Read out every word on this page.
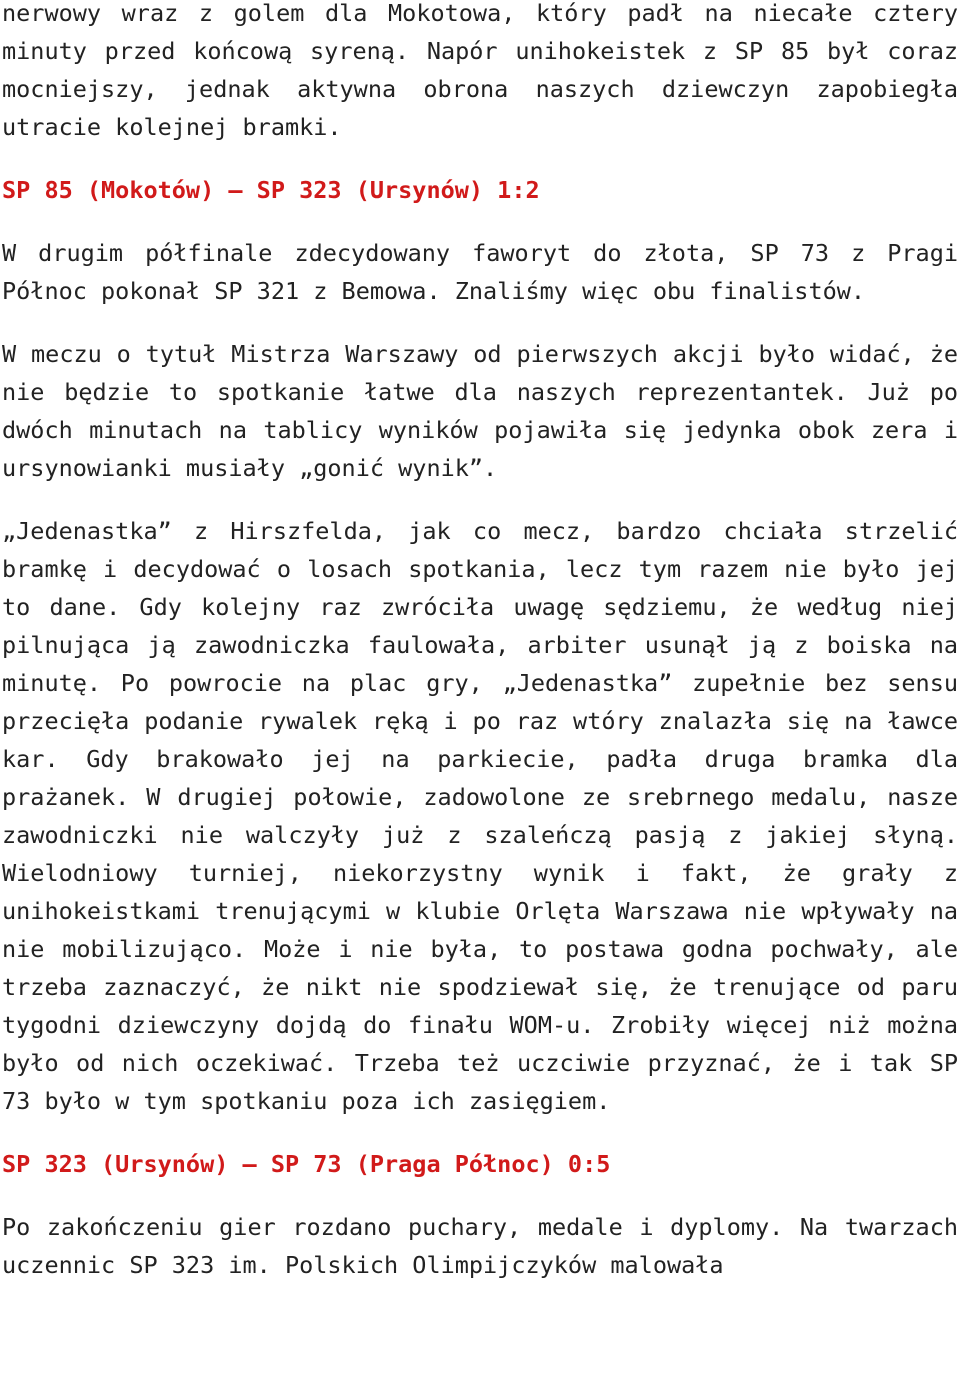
nerwowy wraz z golem dla Mokotowa, który padł na niecałe cztery minuty przed końcową syreną. Napór unihokeistek z SP 85 był coraz mocniejszy, jednak aktywna obrona naszych dziewczyn zapobiegła utracie kolejnej bramki.

SP 85 (Mokotów) – SP 323 (Ursynów) 1:2

W drugim półfinale zdecydowany faworyt do złota, SP 73 z Pragi Północ pokonał SP 321 z Bemowa. Znaliśmy więc obu finalistów.

W meczu o tytuł Mistrza Warszawy od pierwszych akcji było widać, że nie będzie to spotkanie łatwe dla naszych reprezentantek. Już po dwóch minutach na tablicy wyników pojawiła się jedynka obok zera i ursynowianki musiały „gonić wynik”.

„Jedenastka” z Hirszfelda, jak co mecz, bardzo chciała strzelić bramkę i decydować o losach spotkania, lecz tym razem nie było jej to dane. Gdy kolejny raz zwróciła uwagę sędziemu, że według niej pilnująca ją zawodniczka faulowała, arbiter usunął ją z boiska na minutę. Po powrocie na plac gry, „Jedenastka” zupełnie bez sensu przecięła podanie rywalek ręką i po raz wtóry znalazła się na ławce kar. Gdy brakowało jej na parkiecie, padła druga bramka dla prażanek. W drugiej połowie, zadowolone ze srebrnego medalu, nasze zawodniczki nie walczyły już z szaleńczą pasją z jakiej słyną. Wielodniowy turniej, niekorzystny wynik i fakt, że grały z unihokeistkami trenującymi w klubie Orlęta Warszawa nie wpływały na nie mobilizująco. Może i nie była, to postawa godna pochwały, ale trzeba zaznaczyć, że nikt nie spodziewał się, że trenujące od paru tygodni dziewczyny dojdą do finału WOM-u. Zrobiły więcej niż można było od nich oczekiwać. Trzeba też uczciwie przyznać, że i tak SP 73 było w tym spotkaniu poza ich zasięgiem.

SP 323 (Ursynów) – SP 73 (Praga Północ) 0:5

Po zakończeniu gier rozdano puchary, medale i dyplomy. Na twarzach uczennic SP 323 im. Polskich Olimpijczyków malowała
